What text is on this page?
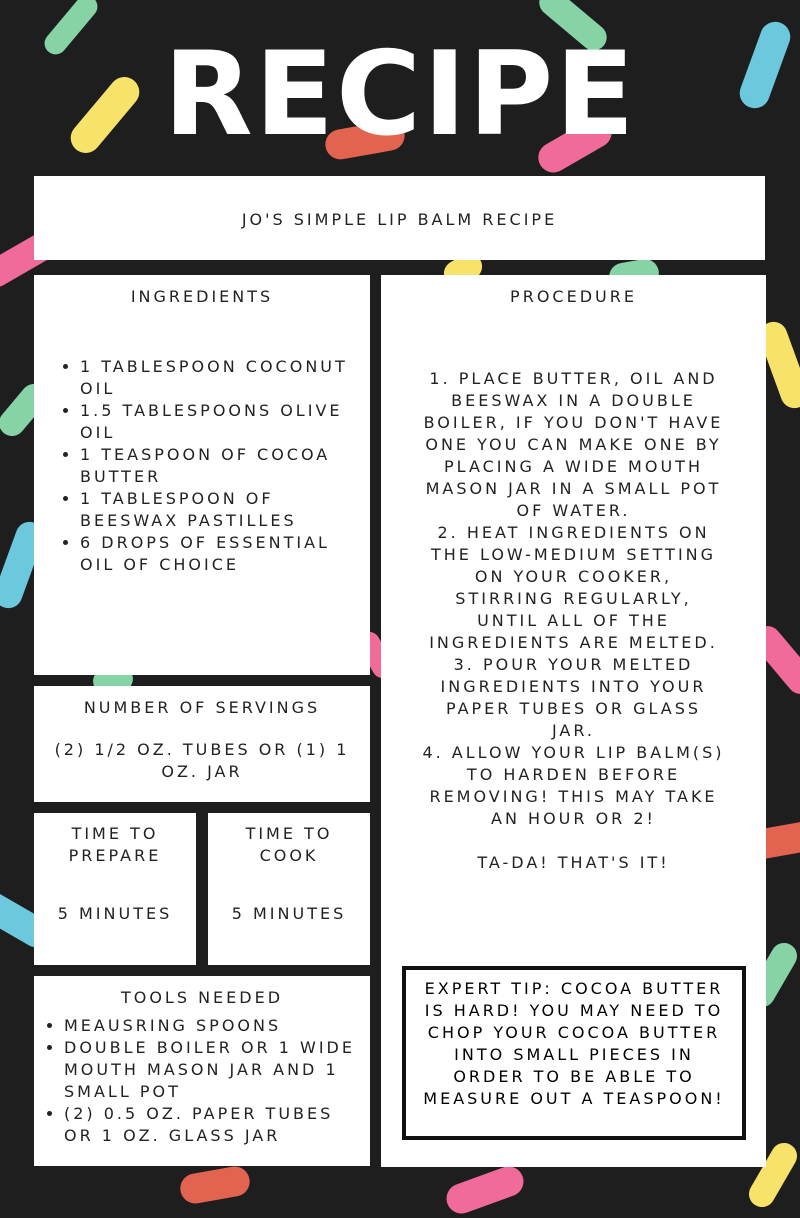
RECIPE
JO'S SIMPLE LIP BALM RECIPE
INGREDIENTS
• 1 TABLESPOON COCONUT OIL
• 1.5 TABLESPOONS OLIVE OIL
• 1 TEASPOON OF COCOA BUTTER
• 1 TABLESPOON OF BEESWAX PASTILLES
• 6 DROPS OF ESSENTIAL OIL OF CHOICE
NUMBER OF SERVINGS
(2) 1/2 OZ. TUBES OR (1) 1 OZ. JAR
TIME TO PREPARE
5 MINUTES
TIME TO COOK
5 MINUTES
TOOLS NEEDED
• MEAUSRING SPOONS
• DOUBLE BOILER OR 1 WIDE MOUTH MASON JAR AND 1 SMALL POT
• (2) 0.5 OZ. PAPER TUBES OR 1 OZ. GLASS JAR
PROCEDURE
1. PLACE BUTTER, OIL AND BEESWAX IN A DOUBLE BOILER, IF YOU DON'T HAVE ONE YOU CAN MAKE ONE BY PLACING A WIDE MOUTH MASON JAR IN A SMALL POT OF WATER.
2. HEAT INGREDIENTS ON THE LOW-MEDIUM SETTING ON YOUR COOKER, STIRRING REGULARLY, UNTIL ALL OF THE INGREDIENTS ARE MELTED.
3. POUR YOUR MELTED INGREDIENTS INTO YOUR PAPER TUBES OR GLASS JAR.
4. ALLOW YOUR LIP BALM(S) TO HARDEN BEFORE REMOVING! THIS MAY TAKE AN HOUR OR 2!
TA-DA! THAT'S IT!
EXPERT TIP: COCOA BUTTER IS HARD! YOU MAY NEED TO CHOP YOUR COCOA BUTTER INTO SMALL PIECES IN ORDER TO BE ABLE TO MEASURE OUT A TEASPOON!
